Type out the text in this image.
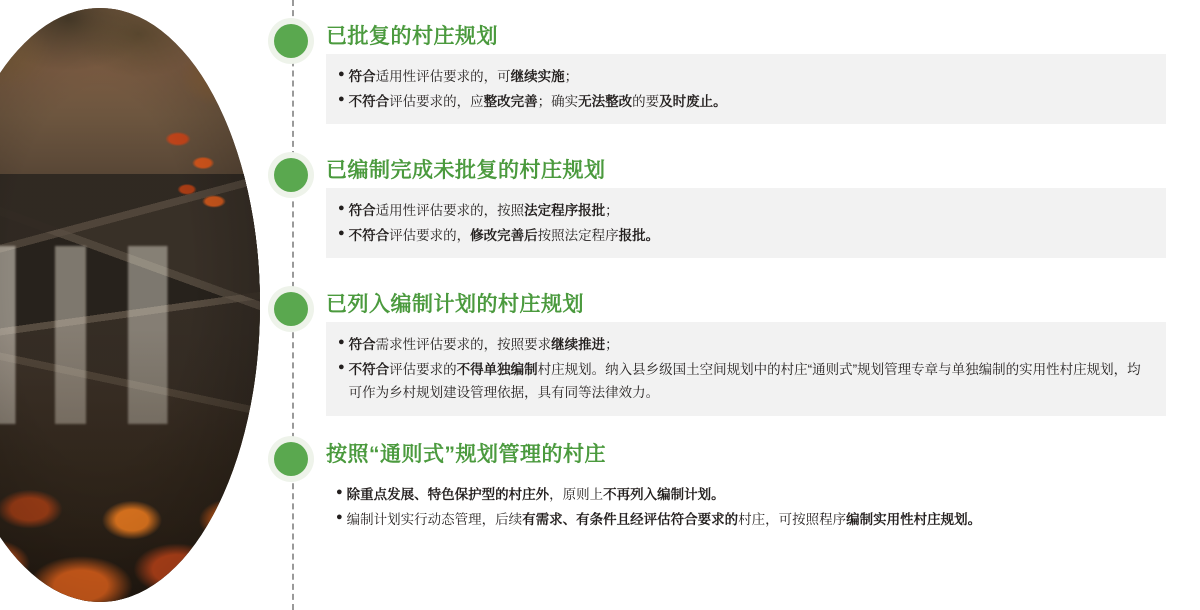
已批复的村庄规划

● 符合适用性评估要求的，可继续实施；

● 不符合评估要求的，应整改完善；确实无法整改的要及时废止。

已编制完成未批复的村庄规划

● 符合适用性评估要求的，按照法定程序报批；

● 不符合评估要求的，修改完善后按照法定程序报批。

已列入编制计划的村庄规划

● 符合需求性评估要求的，按照要求继续推进；

● 不符合评估要求的不得单独编制村庄规划。纳入县乡级国土空间规划中的村庄“通则式”规划管理专章与单独编制的实用性村庄规划，均可作为乡村规划建设管理依据，具有同等法律效力。

按照“通则式”规划管理的村庄

● 除重点发展、特色保护型的村庄外，原则上不再列入编制计划。

● 编制计划实行动态管理，后续有需求、有条件且经评估符合要求的村庄，可按照程序编制实用性村庄规划。
